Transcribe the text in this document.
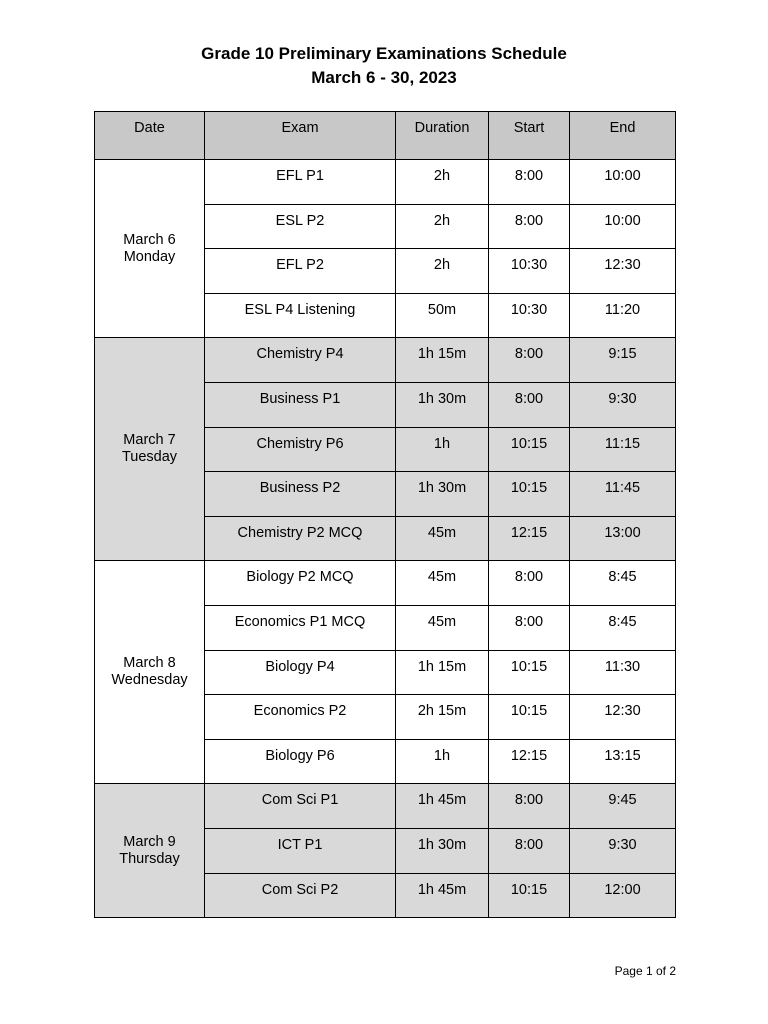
Grade 10 Preliminary Examinations Schedule
March 6 - 30, 2023
Date	Exam	Duration	Start	End

March 6
Monday	EFL P1	2h	8:00	10:00
	ESL P2	2h	8:00	10:00
	EFL P2	2h	10:30	12:30
	ESL P4 Listening	50m	10:30	11:20

March 7
Tuesday	Chemistry P4	1h 15m	8:00	9:15
	Business P1	1h 30m	8:00	9:30
	Chemistry P6	1h	10:15	11:15
	Business P2	1h 30m	10:15	11:45
	Chemistry P2 MCQ	45m	12:15	13:00

March 8
Wednesday	Biology P2 MCQ	45m	8:00	8:45
	Economics P1 MCQ	45m	8:00	8:45
	Biology P4	1h 15m	10:15	11:30
	Economics P2	2h 15m	10:15	12:30
	Biology P6	1h	12:15	13:15

March 9
Thursday	Com Sci P1	1h 45m	8:00	9:45
	ICT P1	1h 30m	8:00	9:30
	Com Sci P2	1h 45m	10:15	12:00
Page 1 of 2
